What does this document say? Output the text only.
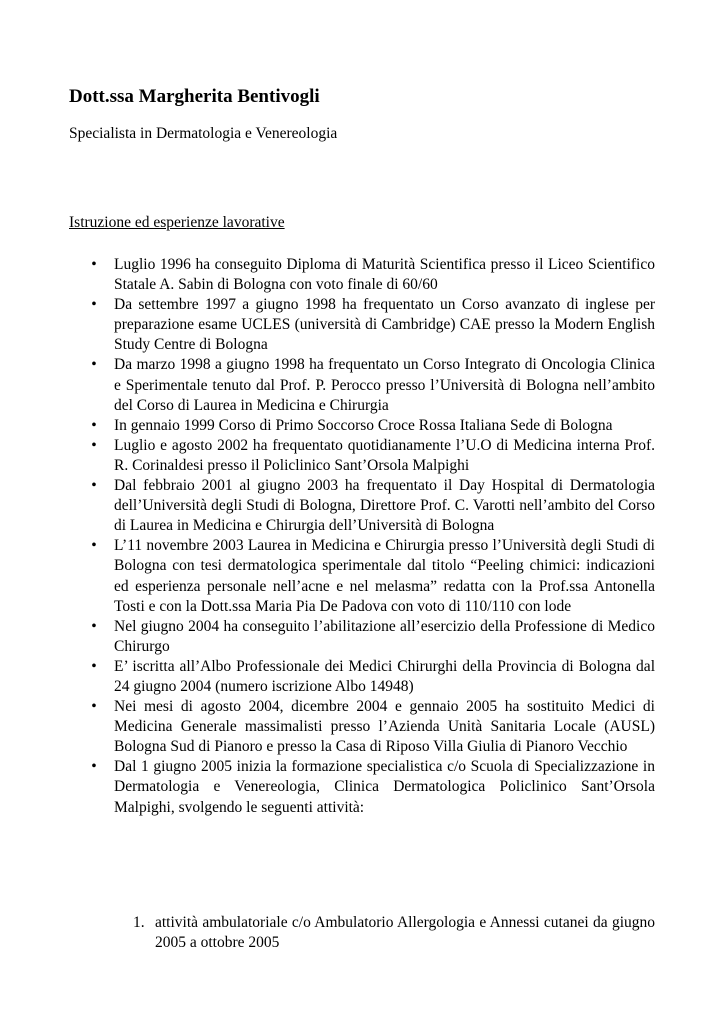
Dott.ssa Margherita Bentivogli

Specialista in Dermatologia e Venereologia

Istruzione ed esperienze lavorative

• Luglio 1996 ha conseguito Diploma di Maturità Scientifica presso il Liceo Scientifico Statale A. Sabin di Bologna con voto finale di 60/60
• Da settembre 1997 a giugno 1998 ha frequentato un Corso avanzato di inglese per preparazione esame UCLES (università di Cambridge) CAE presso la Modern English Study Centre di Bologna
• Da marzo 1998 a giugno 1998 ha frequentato un Corso Integrato di Oncologia Clinica e Sperimentale tenuto dal Prof. P. Perocco presso l’Università di Bologna nell’ambito del Corso di Laurea in Medicina e Chirurgia
• In gennaio 1999 Corso di Primo Soccorso Croce Rossa Italiana Sede di Bologna
• Luglio e agosto 2002 ha frequentato quotidianamente l’U.O di Medicina interna Prof. R. Corinaldesi presso il Policlinico Sant’Orsola Malpighi
• Dal febbraio 2001 al giugno 2003 ha frequentato il Day Hospital di Dermatologia dell’Università degli Studi di Bologna, Direttore Prof. C. Varotti nell’ambito del Corso di Laurea in Medicina e Chirurgia dell’Università di Bologna
• L’11 novembre 2003 Laurea in Medicina e Chirurgia presso l’Università degli Studi di Bologna con tesi dermatologica sperimentale dal titolo “Peeling chimici: indicazioni ed esperienza personale nell’acne e nel melasma” redatta con la Prof.ssa Antonella Tosti e con la Dott.ssa Maria Pia De Padova con voto di 110/110 con lode
• Nel giugno 2004 ha conseguito l’abilitazione all’esercizio della Professione di Medico Chirurgo
• E’ iscritta all’Albo Professionale dei Medici Chirurghi della Provincia di Bologna dal 24 giugno 2004 (numero iscrizione Albo 14948)
• Nei mesi di agosto 2004, dicembre 2004 e gennaio 2005 ha sostituito Medici di Medicina Generale massimalisti presso l’Azienda Unità Sanitaria Locale (AUSL) Bologna Sud di Pianoro e presso la Casa di Riposo Villa Giulia di Pianoro Vecchio
• Dal 1 giugno 2005 inizia la formazione specialistica c/o Scuola di Specializzazione in Dermatologia e Venereologia, Clinica Dermatologica Policlinico Sant’Orsola Malpighi, svolgendo le seguenti attività:
1. attività ambulatoriale c/o Ambulatorio Allergologia e Annessi cutanei da giugno 2005 a ottobre 2005
